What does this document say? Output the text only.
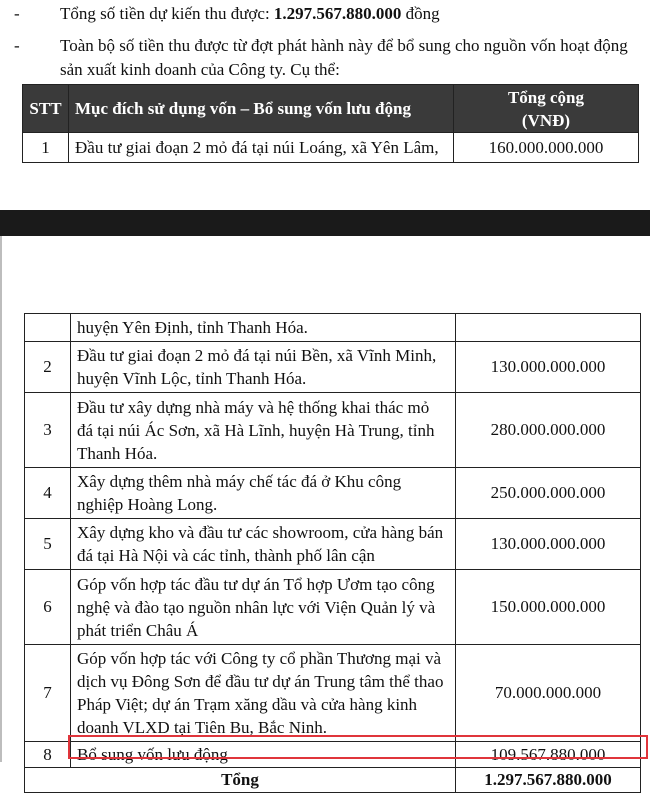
- Tổng số tiền dự kiến thu được: 1.297.567.880.000 đồng
- Toàn bộ số tiền thu được từ đợt phát hành này để bổ sung cho nguồn vốn hoạt động
sản xuất kinh doanh của Công ty. Cụ thể:
STT	Mục đích sử dụng vốn – Bổ sung vốn lưu động	Tổng cộng
(VNĐ)

1	Đầu tư giai đoạn 2 mỏ đá tại núi Loáng, xã Yên Lâm,	160.000.000.000
	huyện Yên Định, tỉnh Thanh Hóa.	
2	Đầu tư giai đoạn 2 mỏ đá tại núi Bền, xã Vĩnh Minh, huyện Vĩnh Lộc, tỉnh Thanh Hóa.	130.000.000.000
3	Đầu tư xây dựng nhà máy và hệ thống khai thác mỏ đá tại núi Ác Sơn, xã Hà Lĩnh, huyện Hà Trung, tỉnh Thanh Hóa.	280.000.000.000
4	Xây dựng thêm nhà máy chế tác đá ở Khu công nghiệp Hoàng Long.	250.000.000.000
5	Xây dựng kho và đầu tư các showroom, cửa hàng bán đá tại Hà Nội và các tỉnh, thành phố lân cận	130.000.000.000
6	Góp vốn hợp tác đầu tư dự án Tổ hợp Ươm tạo công nghệ và đào tạo nguồn nhân lực với Viện Quản lý và phát triển Châu Á	150.000.000.000
7	Góp vốn hợp tác với Công ty cổ phần Thương mại và dịch vụ Đông Sơn để đầu tư dự án Trung tâm thể thao Pháp Việt; dự án Trạm xăng dầu và cửa hàng kinh doanh VLXD tại Tiên Bu, Bắc Ninh.	70.000.000.000
8	Bổ sung vốn lưu động	109.567.880.000
Tổng		1.297.567.880.000
